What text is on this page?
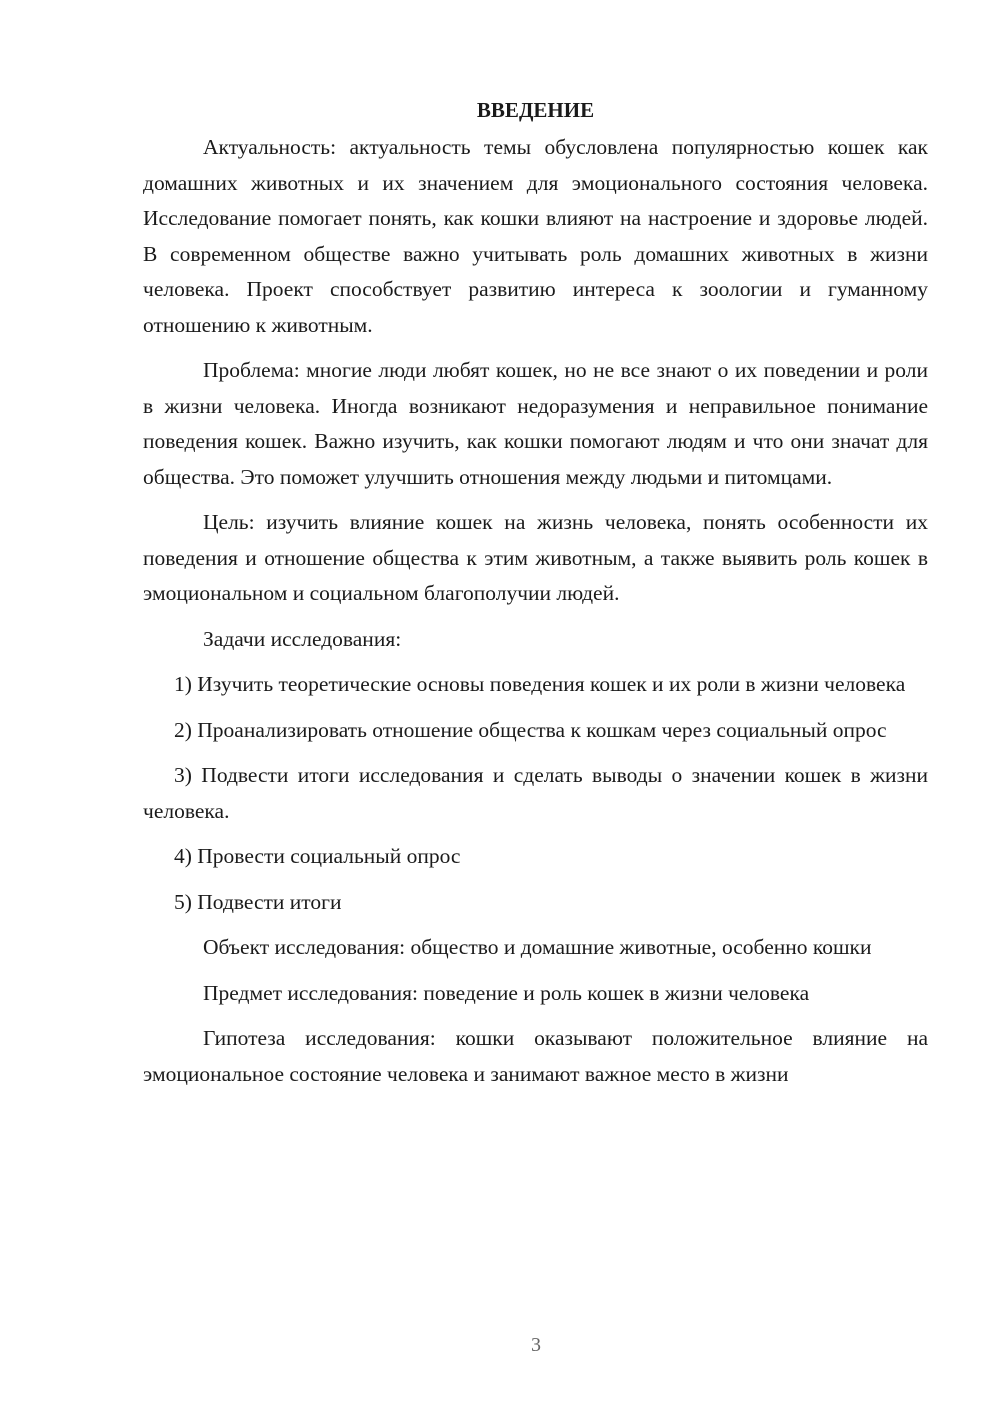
ВВЕДЕНИЕ

Актуальность: актуальность темы обусловлена популярностью кошек как домашних животных и их значением для эмоционального состояния человека. Исследование помогает понять, как кошки влияют на настроение и здоровье людей. В современном обществе важно учитывать роль домашних животных в жизни человека. Проект способствует развитию интереса к зоологии и гуманному отношению к животным.

Проблема: многие люди любят кошек, но не все знают о их поведении и роли в жизни человека. Иногда возникают недоразумения и неправильное понимание поведения кошек. Важно изучить, как кошки помогают людям и что они значат для общества. Это поможет улучшить отношения между людьми и питомцами.

Цель: изучить влияние кошек на жизнь человека, понять особенности их поведения и отношение общества к этим животным, а также выявить роль кошек в эмоциональном и социальном благополучии людей.

Задачи исследования:

1) Изучить теоретические основы поведения кошек и их роли в жизни человека

2) Проанализировать отношение общества к кошкам через социальный опрос

3) Подвести итоги исследования и сделать выводы о значении кошек в жизни человека.

4) Провести социальный опрос

5) Подвести итоги

Объект исследования: общество и домашние животные, особенно кошки

Предмет исследования: поведение и роль кошек в жизни человека

Гипотеза исследования: кошки оказывают положительное влияние на эмоциональное состояние человека и занимают важное место в жизни

3
